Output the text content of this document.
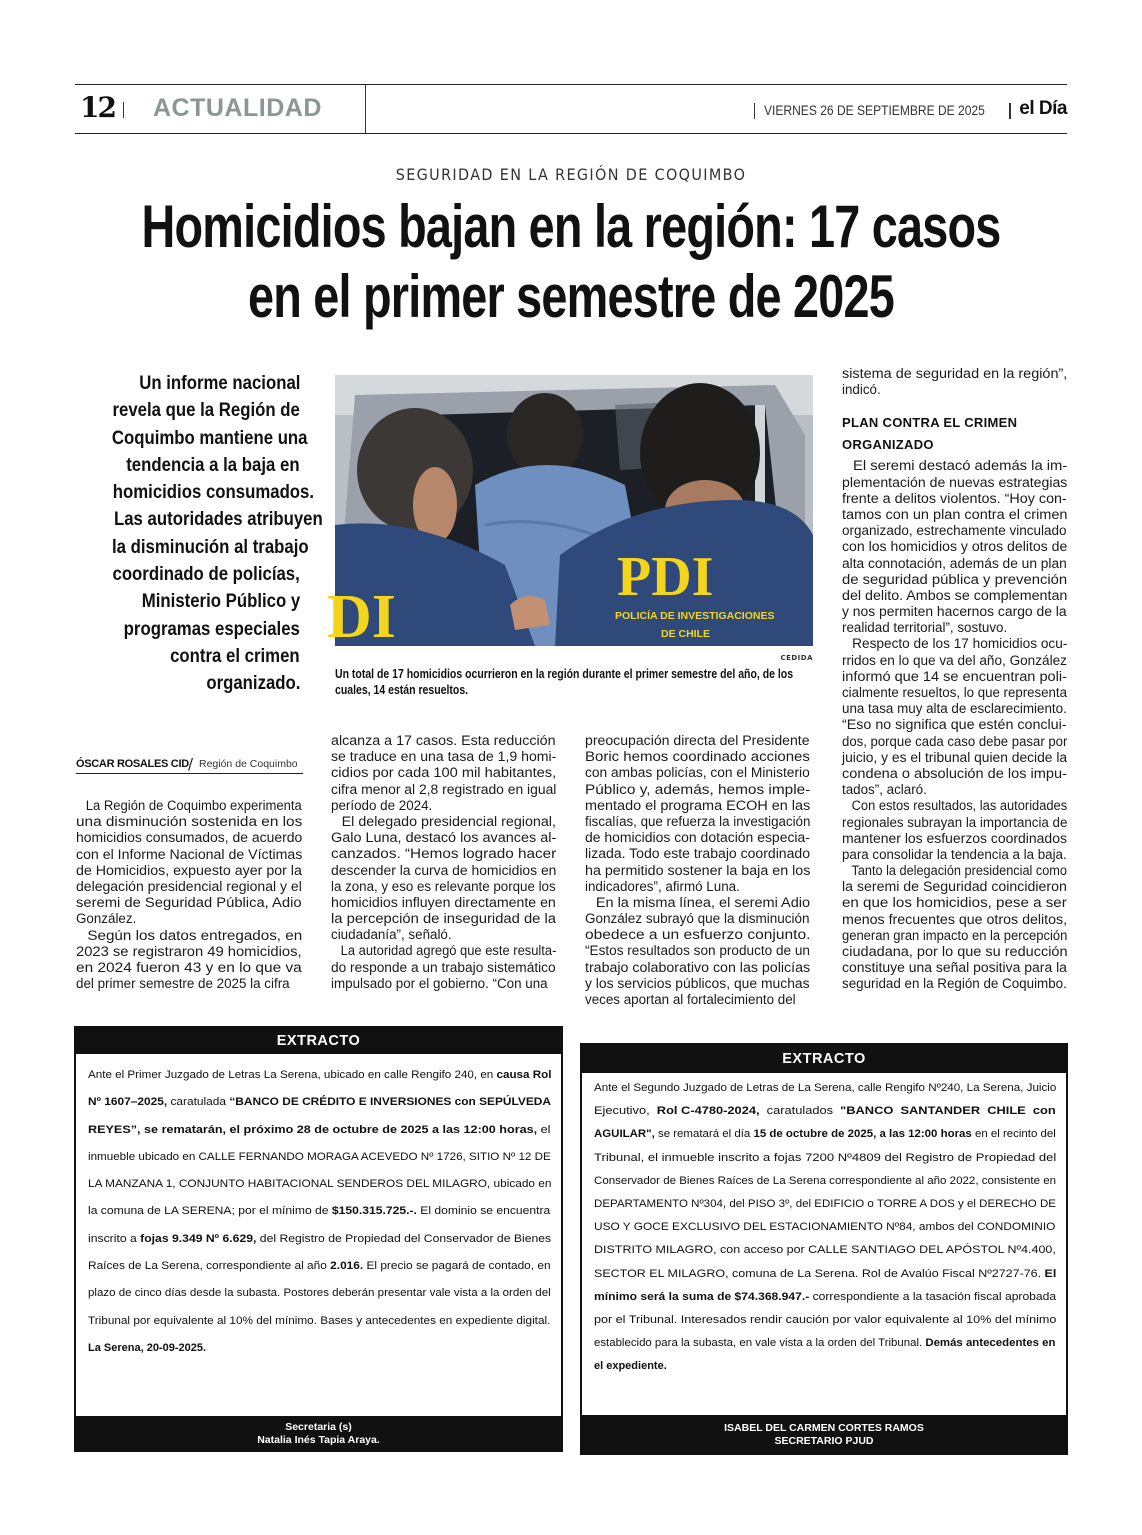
12 ACTUALIDAD	VIERNES 26 DE SEPTIEMBRE DE 2025 el Día
SEGURIDAD EN LA REGIÓN DE COQUIMBO
Homicidios bajan en la región: 17 casos
en el primer semestre de 2025
Un informe nacional
revela que la Región de
Coquimbo mantiene una
tendencia a la baja en
homicidios consumados.
Las autoridades atribuyen
la disminución al trabajo
coordinado de policías,
Ministerio Público y
programas especiales
contra el crimen
organizado.
DI
PDI
POLICÍA DE INVESTIGACIONES
DE CHILE
CEDIDA
Un total de 17 homicidios ocurrieron en la región durante el primer semestre del año, de los
cuales, 14 están resueltos.
ÓSCAR ROSALES CID / Región de Coquimbo
La Región de Coquimbo experimenta
una disminución sostenida en los
homicidios consumados, de acuerdo
con el Informe Nacional de Víctimas
de Homicidios, expuesto ayer por la
delegación presidencial regional y el
seremi de Seguridad Pública, Adio
González.
Según los datos entregados, en
2023 se registraron 49 homicidios,
en 2024 fueron 43 y en lo que va
del primer semestre de 2025 la cifra
alcanza a 17 casos. Esta reducción
se traduce en una tasa de 1,9 homi-
cidios por cada 100 mil habitantes,
cifra menor al 2,8 registrado en igual
período de 2024.
El delegado presidencial regional,
Galo Luna, destacó los avances al-
canzados. “Hemos logrado hacer
descender la curva de homicidios en
la zona, y eso es relevante porque los
homicidios influyen directamente en
la percepción de inseguridad de la
ciudadanía”, señaló.
La autoridad agregó que este resulta-
do responde a un trabajo sistemático
impulsado por el gobierno. “Con una
preocupación directa del Presidente
Boric hemos coordinado acciones
con ambas policías, con el Ministerio
Público y, además, hemos imple-
mentado el programa ECOH en las
fiscalías, que refuerza la investigación
de homicidios con dotación especia-
lizada. Todo este trabajo coordinado
ha permitido sostener la baja en los
indicadores”, afirmó Luna.
En la misma línea, el seremi Adio
González subrayó que la disminución
obedece a un esfuerzo conjunto.
“Estos resultados son producto de un
trabajo colaborativo con las policías
y los servicios públicos, que muchas
veces aportan al fortalecimiento del
sistema de seguridad en la región”,
indicó.
PLAN CONTRA EL CRIMEN
ORGANIZADO
El seremi destacó además la im-
plementación de nuevas estrategias
frente a delitos violentos. “Hoy con-
tamos con un plan contra el crimen
organizado, estrechamente vinculado
con los homicidios y otros delitos de
alta connotación, además de un plan
de seguridad pública y prevención
del delito. Ambos se complementan
y nos permiten hacernos cargo de la
realidad territorial”, sostuvo.
Respecto de los 17 homicidios ocu-
rridos en lo que va del año, González
informó que 14 se encuentran poli-
cialmente resueltos, lo que representa
una tasa muy alta de esclarecimiento.
“Eso no significa que estén conclui-
dos, porque cada caso debe pasar por
juicio, y es el tribunal quien decide la
condena o absolución de los impu-
tados”, aclaró.
Con estos resultados, las autoridades
regionales subrayan la importancia de
mantener los esfuerzos coordinados
para consolidar la tendencia a la baja.
Tanto la delegación presidencial como
la seremi de Seguridad coincidieron
en que los homicidios, pese a ser
menos frecuentes que otros delitos,
generan gran impacto en la percepción
ciudadana, por lo que su reducción
constituye una señal positiva para la
seguridad en la Región de Coquimbo.
EXTRACTO
Ante el Primer Juzgado de Letras La Serena, ubicado en calle Rengifo 240, en causa Rol
Nº 1607–2025, caratulada “BANCO DE CRÉDITO E INVERSIONES con SEPÚLVEDA
REYES”, se rematarán, el próximo 28 de octubre de 2025 a las 12:00 horas, el
inmueble ubicado en CALLE FERNANDO MORAGA ACEVEDO Nº 1726, SITIO Nº 12 DE
LA MANZANA 1, CONJUNTO HABITACIONAL SENDEROS DEL MILAGRO, ubicado en
la comuna de LA SERENA; por el mínimo de $150.315.725.-. El dominio se encuentra
inscrito a fojas 9.349 Nº 6.629, del Registro de Propiedad del Conservador de Bienes
Raíces de La Serena, correspondiente al año 2.016. El precio se pagará de contado, en
plazo de cinco días desde la subasta. Postores deberán presentar vale vista a la orden del
Tribunal por equivalente al 10% del mínimo. Bases y antecedentes en expediente digital.
La Serena, 20-09-2025.
Secretaria (s)
Natalia Inés Tapia Araya.
EXTRACTO
Ante el Segundo Juzgado de Letras de La Serena, calle Rengifo Nº240, La Serena, Juicio
Ejecutivo,  Rol C-4780-2024,  caratulados  "BANCO  SANTANDER  CHILE  con
AGUILAR", se rematará el día 15 de octubre de 2025, a las 12:00 horas en el recinto del
Tribunal, el inmueble inscrito a fojas 7200 Nº4809 del Registro de Propiedad del
Conservador de Bienes Raíces de La Serena correspondiente al año 2022, consistente en
DEPARTAMENTO Nº304, del PISO 3º, del EDIFICIO o TORRE A DOS y el DERECHO DE
USO Y GOCE EXCLUSIVO DEL ESTACIONAMIENTO Nº84, ambos del CONDOMINIO
DISTRITO MILAGRO, con acceso por CALLE SANTIAGO DEL APÓSTOL Nº4.400,
SECTOR EL MILAGRO, comuna de La Serena. Rol de Avalúo Fiscal Nº2727-76. El
mínimo será la suma de $74.368.947.- correspondiente a la tasación fiscal aprobada
por el Tribunal. Interesados rendir caución por valor equivalente al 10% del mínimo
establecido para la subasta, en vale vista a la orden del Tribunal. Demás antecedentes en
el expediente.
ISABEL DEL CARMEN CORTES RAMOS
SECRETARIO PJUD
